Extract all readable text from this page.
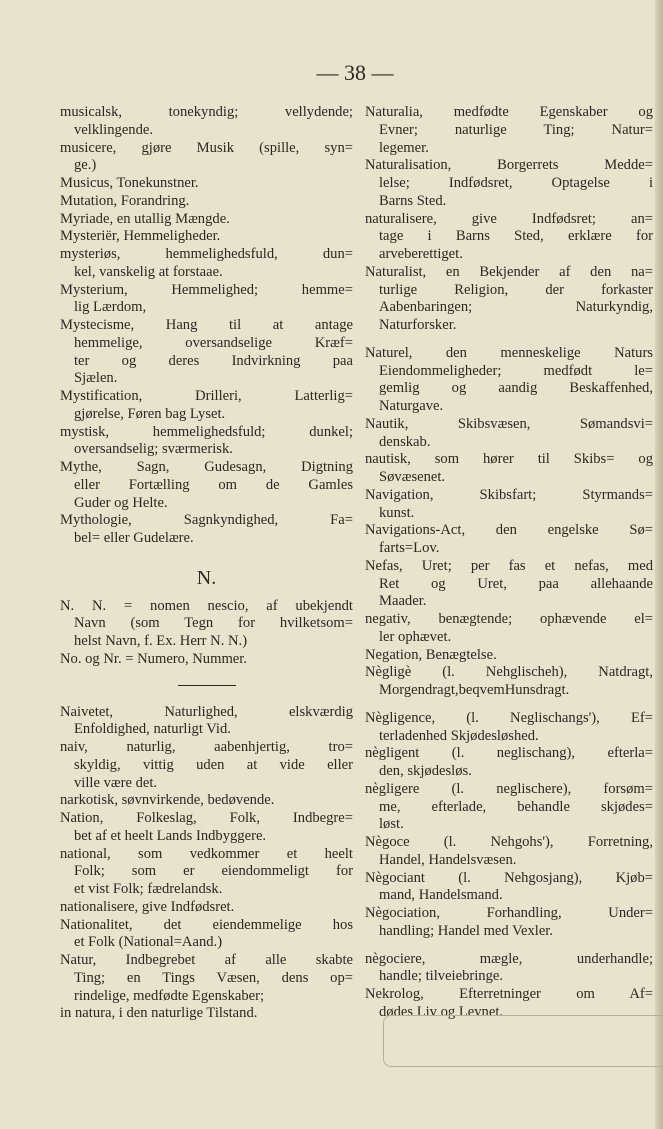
— 38 —
musicalsk, tonekyndig; vellydende;
velklingende.
musicere, gjøre Musik (spille, syn=
ge.)
Musicus, Tonekunstner.
Mutation, Forandring.
Myriade, en utallig Mængde.
Mysteriër, Hemmeligheder.
mysteriøs, hemmelighedsfuld, dun=
kel, vanskelig at forstaae.
Mysterium, Hemmelighed; hemme=
lig Lærdom,
Mystecisme, Hang til at antage
hemmelige, oversandselige Kræf=
ter og deres Indvirkning paa
Sjælen.
Mystification, Drilleri, Latterlig=
gjørelse, Føren bag Lyset.
mystisk, hemmelighedsfuld; dunkel;
oversandselig; sværmerisk.
Mythe, Sagn, Gudesagn, Digtning
eller Fortælling om de Gamles
Guder og Helte.
Mythologie, Sagnkyndighed, Fa=
bel= eller Gudelære.
N.
N. N. = nomen nescio, af ubekjendt
Navn (som Tegn for hvilketsom=
helst Navn, f. Ex. Herr N. N.)
No. og Nr. = Numero, Nummer.
Naivetet, Naturlighed, elskværdig
Enfoldighed, naturligt Vid.
naiv, naturlig, aabenhjertig, tro=
skyldig, vittig uden at vide eller
ville være det.
narkotisk, søvnvirkende, bedøvende.
Nation, Folkeslag, Folk, Indbegre=
bet af et heelt Lands Indbyggere.
national, som vedkommer et heelt
Folk; som er eiendommeligt for
et vist Folk; fædrelandsk.
nationalisere, give Indfødsret.
Nationalitet, det eiendemmelige hos
et Folk (National=Aand.)
Natur, Indbegrebet af alle skabte
Ting; en Tings Væsen, dens op=
rindelige, medfødte Egenskaber;
in natura, i den naturlige Tilstand.
Naturalia, medfødte Egenskaber og
Evner; naturlige Ting; Natur=
legemer.
Naturalisation, Borgerrets Medde=
lelse; Indfødsret, Optagelse i
Barns Sted.
naturalisere, give Indfødsret; an=
tage i Barns Sted, erklære for
arveberettiget.
Naturalist, en Bekjender af den na=
turlige Religion, der forkaster
Aabenbaringen; Naturkyndig,
Naturforsker.
Naturel, den menneskelige Naturs
Eiendommeligheder; medfødt le=
gemlig og aandig Beskaffenhed,
Naturgave.
Nautik, Skibsvæsen, Sømandsvi=
denskab.
nautisk, som hører til Skibs= og
Søvæsenet.
Navigation, Skibsfart; Styrmands=
kunst.
Navigations-Act, den engelske Sø=
farts=Lov.
Nefas, Uret; per fas et nefas, med
Ret og Uret, paa allehaande
Maader.
negativ, benægtende; ophævende el=
ler ophævet.
Negation, Benægtelse.
Nègligè (l. Nehglischeh), Natdragt,
Morgendragt,beqvemHunsdragt.
Nègligence, (l. Neglischangs'), Ef=
terladenhed Skjødesløshed.
nègligent (l. neglischang), efterla=
den, skjødesløs.
nègligere (l. neglischere), forsøm=
me, efterlade, behandle skjødes=
løst.
Nègoce (l. Nehgohs'), Forretning,
Handel, Handelsvæsen.
Nègociant (l. Nehgosjang), Kjøb=
mand, Handelsmand.
Nègociation, Forhandling, Under=
handling; Handel med Vexler.
nègociere, mægle, underhandle;
handle; tilveiebringe.
Nekrolog, Efterretninger om Af=
dødes Liv og Levnet.
